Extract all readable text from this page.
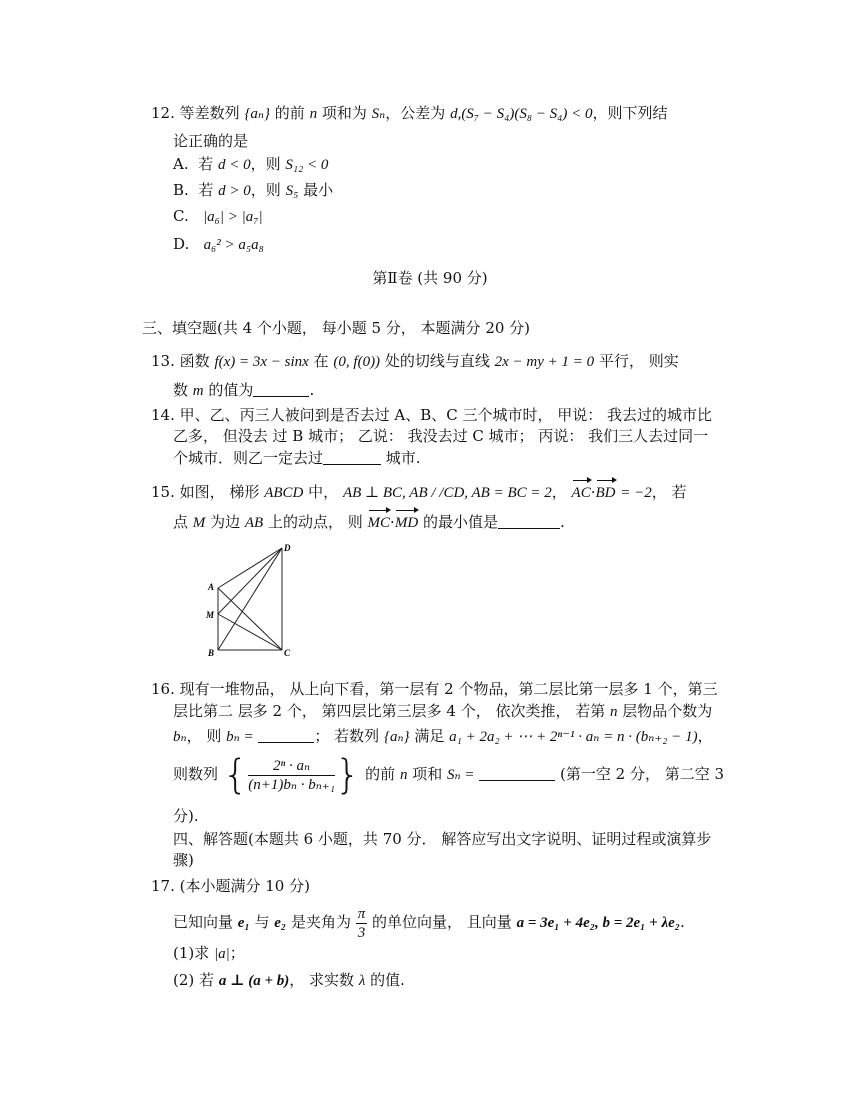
12. 等差数列 {aₙ} 的前 n 项和为 Sₙ，公差为 d,(S₇ − S₄)(S₈ − S₄) < 0，则下列结
论正确的是
A. 若 d < 0，则 S₁₂ < 0
B. 若 d > 0，则 S₅ 最小
C. |a₆| > |a₇|
D. a₆² > a₅a₈
第Ⅱ卷 (共 90 分)
三、填空题(共 4 个小题， 每小题 5 分， 本题满分 20 分)
13. 函数 f(x) = 3x − sinx 在 (0, f(0)) 处的切线与直线 2x − my + 1 = 0 平行， 则实
数 m 的值为	.
14. 甲、乙、丙三人被问到是否去过 A、B、C 三个城市时， 甲说： 我去过的城市比
乙多， 但没去 过 B 城市； 乙说： 我没去过 C 城市； 丙说： 我们三人去过同一
个城市．则乙一定去过	城市.
15. 如图， 梯形 ABCD 中， AB ⊥ BC, AB / /CD, AB = BC = 2， AC·BD = −2， 若
点 M 为边 AB 上的动点， 则 MC·MD 的最小值是	.
A
M
B	C
D
16. 现有一堆物品， 从上向下看，第一层有 2 个物品，第二层比第一层多 1 个，第三
层比第二 层多 2 个， 第四层比第三层多 4 个， 依次类推， 若第 n 层物品个数为
bₙ， 则 bₙ =	； 若数列 {aₙ} 满足 a₁ + 2a₂ + ⋯ + 2ⁿ⁻¹ · aₙ = n · (bₙ₊₂ − 1)，
则数列 { $\frac{\text{2ⁿ · aₙ}}{\text{(n+1)bₙ · bₙ₊₁}}$ } 的前 n 项和 Sₙ =	(第一空 2 分， 第二空 3
分).
四、解答题(本题共 6 小题，共 70 分． 解答应写出文字说明、证明过程或演算步
骤)
17. (本小题满分 10 分)
已知向量 e₁ 与 e₂ 是夹角为 $\frac{\pi}{3}$ 的单位向量， 且向量 a = 3e₁ + 4e₂, b = 2e₁ + λe₂.
(1)求 |a|；
(2) 若 a ⊥ (a + b)， 求实数 λ 的值.
